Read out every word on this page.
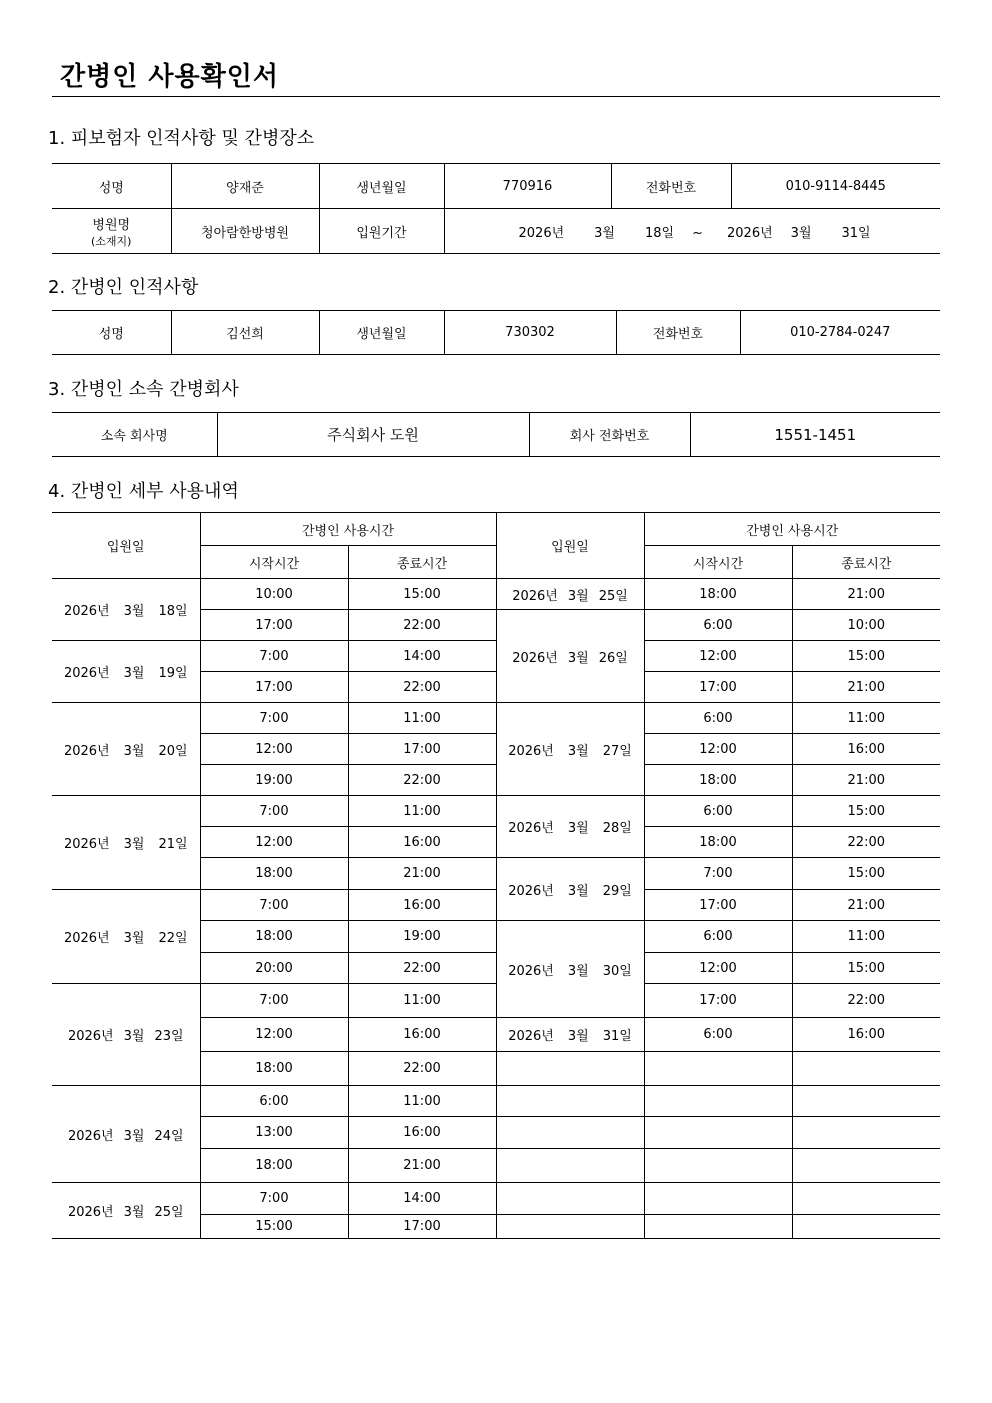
간병인 사용확인서
1. 피보험자 인적사항 및 간병장소
성명	양재준	생년월일	770916	전화번호	010-9114-8445

병원명
(소재지)	청아람한방병원	입원기간	2026년 3월 18일 ~ 2026년 3월 31일		
2. 간병인 인적사항
성명	김선희	생년월일	730302	전화번호	010-2784-0247
3. 간병인 소속 간병회사
소속 회사명	주식회사 도원	회사 전화번호	1551-1451
4. 간병인 세부 사용내역
입원일	간병인 사용시간		입원일	간병인 사용시간	
	시작시간	종료시간		시작시간	종료시간
2026년 3월 18일	10:00	15:00	2026년 3월 25일	18:00	21:00
	17:00	22:00	2026년 3월 26일	6:00	10:00
2026년 3월 19일	7:00	14:00		12:00	15:00
	17:00	22:00		17:00	21:00
2026년 3월 20일	7:00	11:00	2026년 3월 27일	6:00	11:00
	12:00	17:00		12:00	16:00
	19:00	22:00		18:00	21:00
2026년 3월 21일	7:00	11:00	2026년 3월 28일	6:00	15:00
	12:00	16:00		18:00	22:00
	18:00	21:00	2026년 3월 29일	7:00	15:00
2026년 3월 22일	7:00	16:00		17:00	21:00
	18:00	19:00	2026년 3월 30일	6:00	11:00
	20:00	22:00		12:00	15:00
2026년 3월 23일	7:00	11:00		17:00	22:00
	12:00	16:00	2026년 3월 31일	6:00	16:00
	18:00	22:00			
2026년 3월 24일	6:00	11:00			
	13:00	16:00			
	18:00	21:00			
2026년 3월 25일	7:00	14:00			
	15:00	17:00			
